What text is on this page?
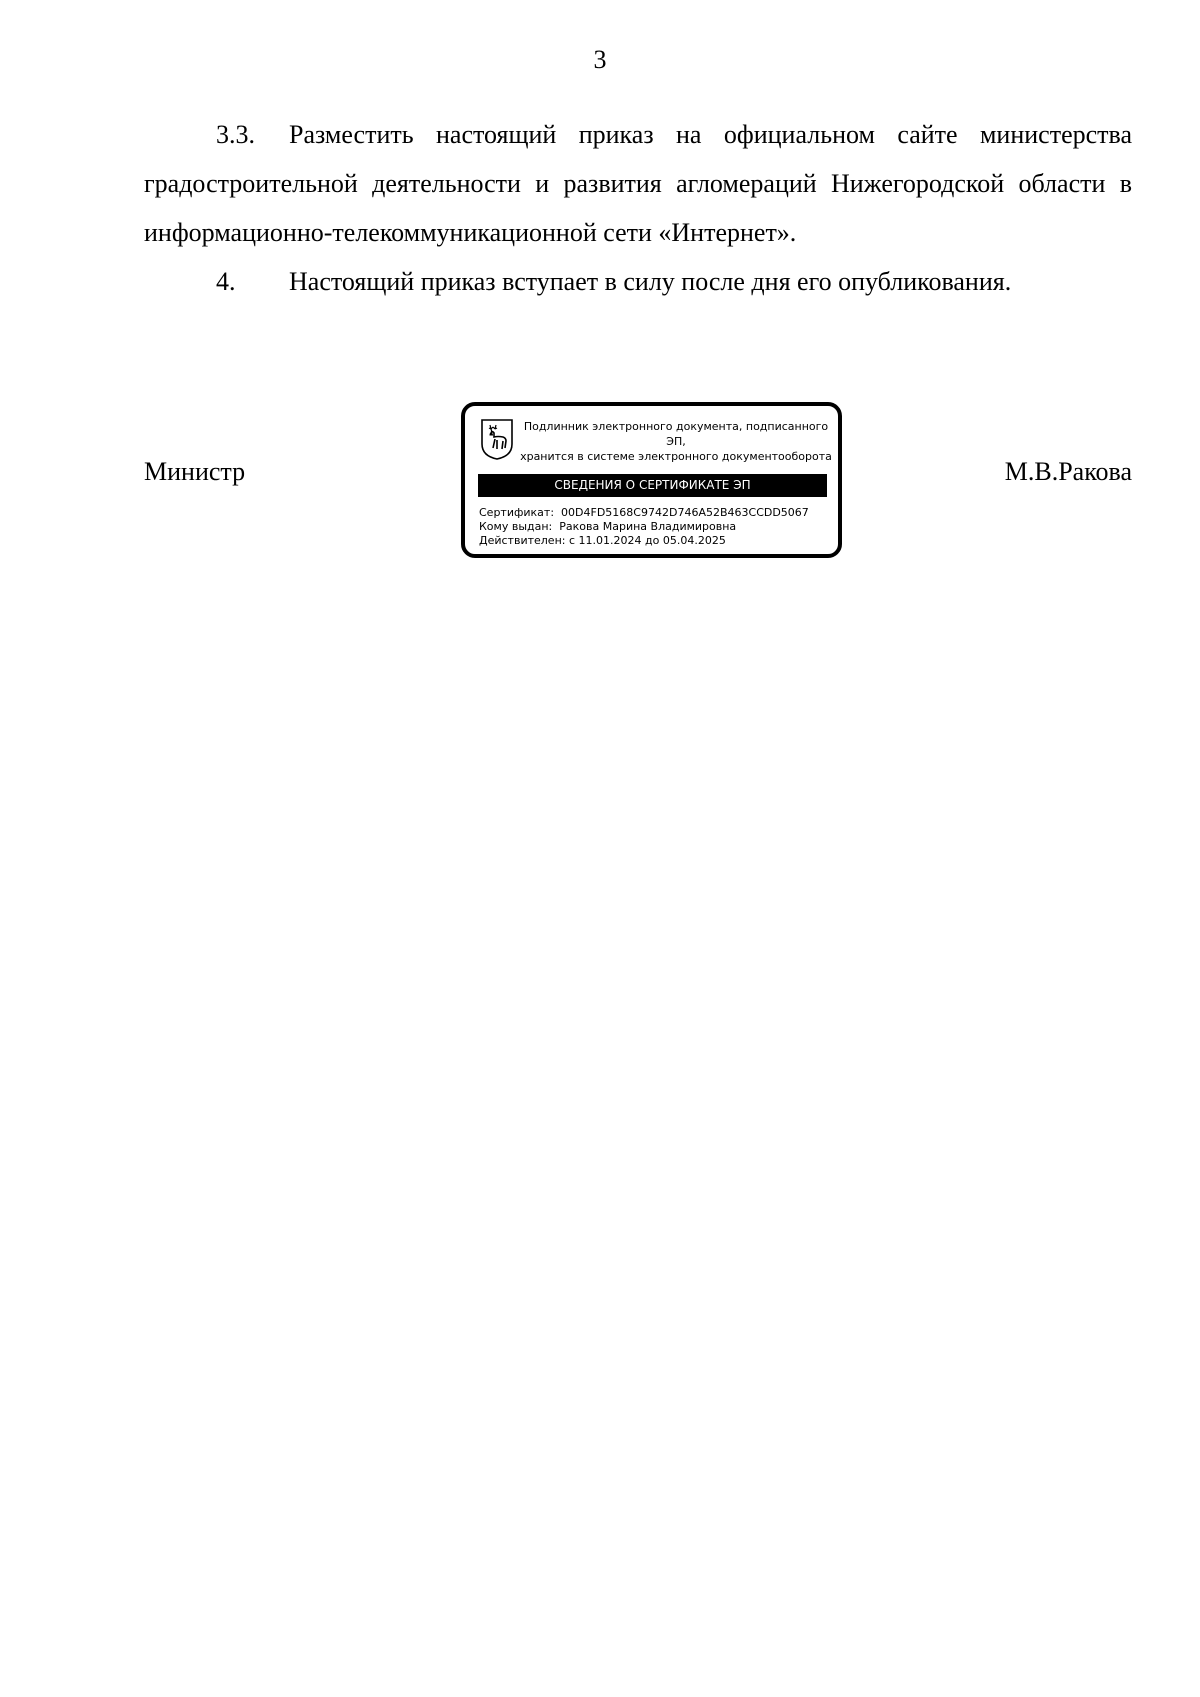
3

3.3. Разместить настоящий приказ на официальном сайте министерства градостроительной деятельности и развития агломераций Нижегородской области в информационно-телекоммуникационной сети «Интернет».

4. Настоящий приказ вступает в силу после дня его опубликования.

Министр	М.В.Ракова
Подлинник электронного документа, подписанного ЭП,
хранится в системе электронного документооборота
СВЕДЕНИЯ О СЕРТИФИКАТЕ ЭП
Сертификат: 00D4FD5168C9742D746A52B463CCDD5067
Кому выдан: Ракова Марина Владимировна
Действителен: с 11.01.2024 до 05.04.2025
